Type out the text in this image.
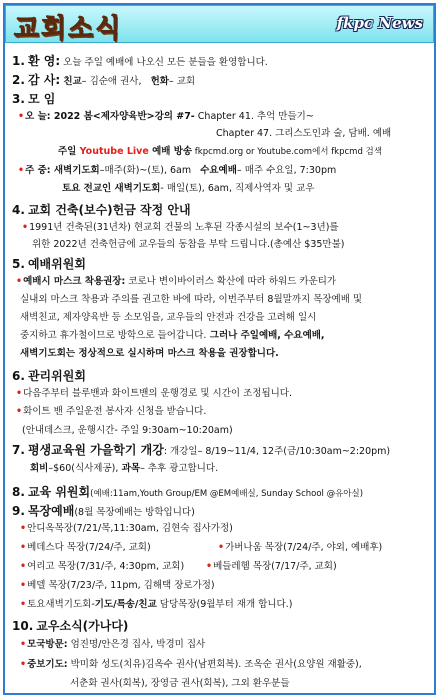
교회소식	fkpc News
1. 환 영: 오늘 주일 예배에 나오신 모든 분들을 환영합니다.
2. 감 사: 친교– 김순애 권사, 헌화– 교회
3. 모 임
•오 늘: 2022 봄<제자양육반>강의 #7- Chapter 41. 추억 만들기~
Chapter 47. 그리스도인과 술, 담배. 예배
주일 Youtube Live 예배 방송 fkpcmd.org or Youtube.com에서 fkpcmd 검색
•주 중: 새벽기도회–매주(화)~(토), 6am 수요예배– 매주 수요일, 7:30pm
토요 전교인 새벽기도회- 매일(토), 6am, 직제사역자 및 교우
4. 교회 건축(보수)헌금 작정 안내
•1991년 건축된(31년차) 현교회 건물의 노후된 각종시설의 보수(1~3년)를
위한 2022년 건축헌금에 교우들의 동참을 부탁 드립니다.(총예산 $35만불)
5. 예배위원회
•예배시 마스크 착용권장: 코로나 변이바이러스 확산에 따라 하워드 카운티가
실내외 마스크 착용과 주의를 권고한 바에 따라, 이번주부터 8월말까지 목장예배 및
새벽친교, 제자양육반 등 소모임을, 교우들의 안전과 건강을 고려해 일시
중지하고 휴가철이므로 방학으로 들어갑니다. 그러나 주일예배, 수요예배,
새벽기도회는 정상적으로 실시하며 마스크 착용을 권장합니다.
6. 관리위원회
•다음주부터 블루밴과 화이트밴의 운행경로 및 시간이 조정됩니다.
•화이트 밴 주일운전 봉사자 신청을 받습니다.
(안내데스크, 운행시간- 주일 9:30am~10:20am)
7. 평생교육원 가을학기 개강: 개강일– 8/19~11/4, 12주(금/10:30am~2:20pm)
회비–$60(식사제공), 과목– 추후 광고합니다.
8. 교육 위원회(예배:11am,Youth Group/EM @EM예배실, Sunday School @유아실)
9. 목장예배(8월 목장예배는 방학입니다)
•안디옥목장(7/21/목,11:30am, 김현숙 집사가정)
•베데스다 목장(7/24/주, 교회)	•가버나움 목장(7/24/주, 야외, 예배후)
•여리고 목장(7/31/주, 4:30pm, 교회) •베들레헴 목장(7/17/주, 교회)
•베델 목장(7/23/주, 11pm, 김해택 장로가정)
•토요새벽기도회-기도/특송/친교 담당목장(9월부터 재개 합니다.)
10. 교우소식(가나다)
•모국방문: 엄진명/안은경 집사, 박경미 집사
•중보기도: 박미화 성도(치유)김옥수 권사(남편회복). 조옥순 권사(요양원 재활중),
서춘화 권사(회복), 장영금 권사(회복), 그외 환우분들
